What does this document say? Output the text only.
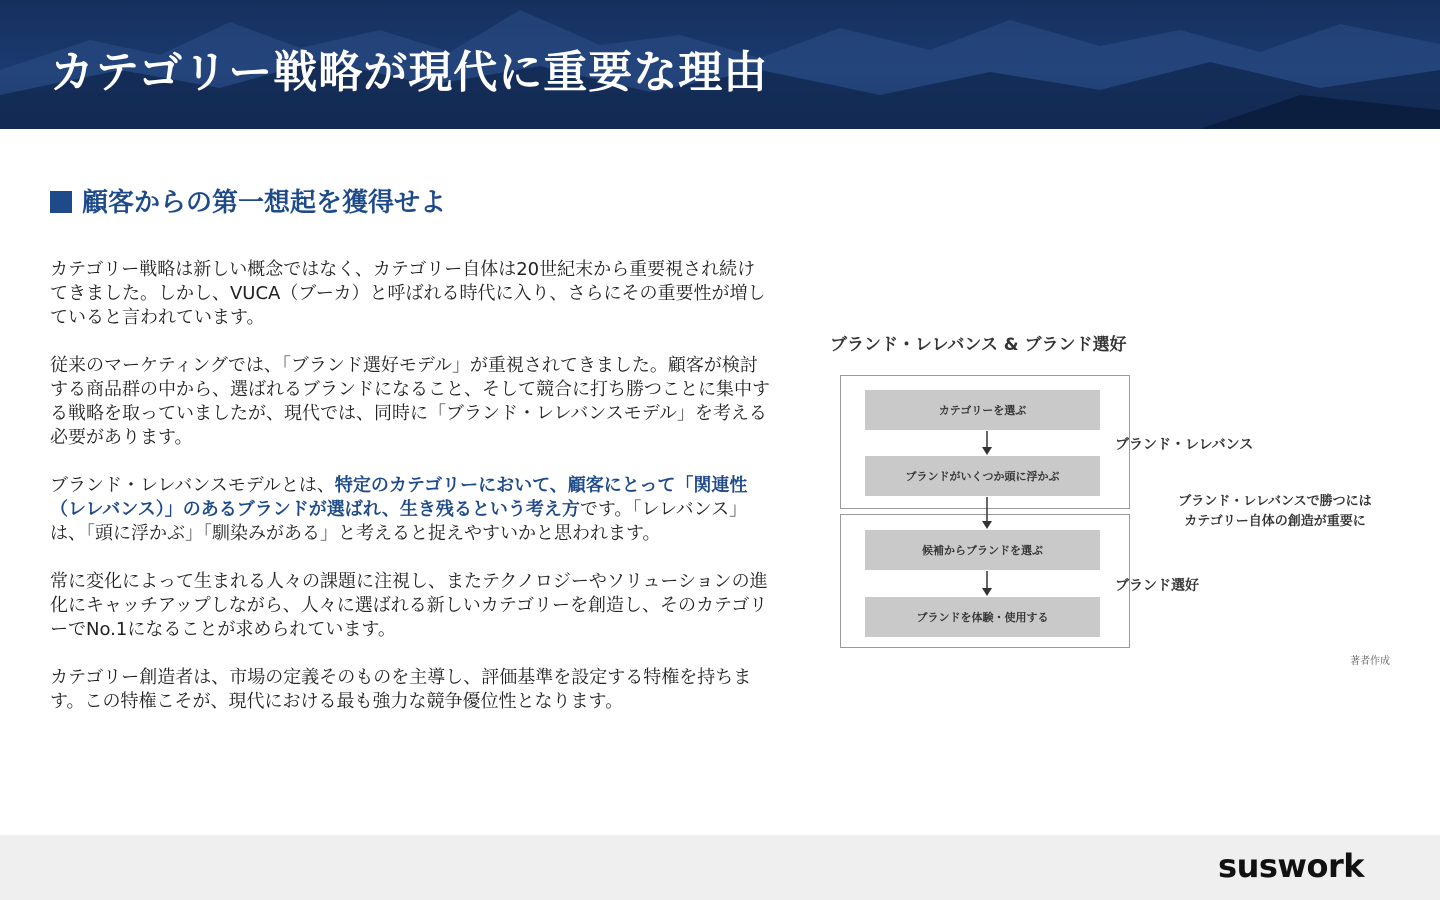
カテゴリー戦略が現代に重要な理由
顧客からの第一想起を獲得せよ

カテゴリー戦略は新しい概念ではなく、カテゴリー自体は20世紀末から重要視され続けてきました。しかし、VUCA（ブーカ）と呼ばれる時代に入り、さらにその重要性が増していると言われています。

従来のマーケティングでは、「ブランド選好モデル」が重視されてきました。顧客が検討する商品群の中から、選ばれるブランドになること、そして競合に打ち勝つことに集中する戦略を取っていましたが、現代では、同時に「ブランド・レレバンスモデル」を考える必要があります。

ブランド・レレバンスモデルとは、特定のカテゴリーにおいて、顧客にとって「関連性（レレバンス）」のあるブランドが選ばれ、生き残るという考え方です。「レレバンス」は、「頭に浮かぶ」「馴染みがある」と考えると捉えやすいかと思われます。

常に変化によって生まれる人々の課題に注視し、またテクノロジーやソリューションの進化にキャッチアップしながら、人々に選ばれる新しいカテゴリーを創造し、そのカテゴリーでNo.1になることが求められています。

カテゴリー創造者は、市場の定義そのものを主導し、評価基準を設定する特権を持ちます。この特権こそが、現代における最も強力な競争優位性となります。

ブランド・レレバンス & ブランド選好
カテゴリーを選ぶ
ブランドがいくつか頭に浮かぶ
候補からブランドを選ぶ
ブランドを体験・使用する
ブランド・レレバンス
ブランド選好
ブランド・レレバンスで勝つには
カテゴリー自体の創造が重要に
著者作成
suswork
